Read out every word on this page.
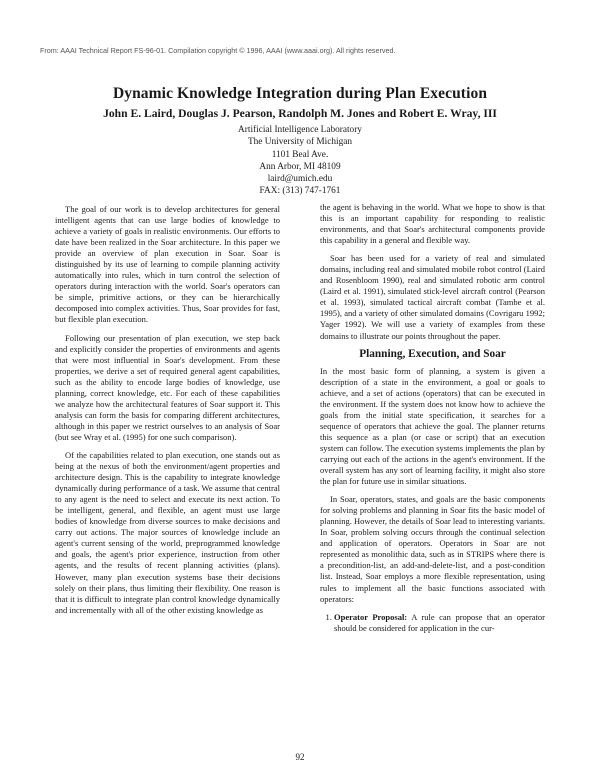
From: AAAI Technical Report FS-96-01. Compilation copyright © 1996, AAAI (www.aaai.org). All rights reserved.
Dynamic Knowledge Integration during Plan Execution
John E. Laird, Douglas J. Pearson, Randolph M. Jones and Robert E. Wray, III
Artificial Intelligence Laboratory
The University of Michigan
1101 Beal Ave.
Ann Arbor, MI 48109
laird@umich.edu
FAX: (313) 747-1761

The goal of our work is to develop architectures for general intelligent agents that can use large bodies of knowledge to achieve a variety of goals in realistic environments. Our efforts to date have been realized in the Soar architecture. In this paper we provide an overview of plan execution in Soar. Soar is distinguished by its use of learning to compile planning activity automatically into rules, which in turn control the selection of operators during interaction with the world. Soar's operators can be simple, primitive actions, or they can be hierarchically decomposed into complex activities. Thus, Soar provides for fast, but flexible plan execution.

Following our presentation of plan execution, we step back and explicitly consider the properties of environments and agents that were most influential in Soar's development. From these properties, we derive a set of required general agent capabilities, such as the ability to encode large bodies of knowledge, use planning, correct knowledge, etc. For each of these capabilities we analyze how the architectural features of Soar support it. This analysis can form the basis for comparing different architectures, although in this paper we restrict ourselves to an analysis of Soar (but see Wray et al. (1995) for one such comparison).

Of the capabilities related to plan execution, one stands out as being at the nexus of both the environment/agent properties and architecture design. This is the capability to integrate knowledge dynamically during performance of a task. We assume that central to any agent is the need to select and execute its next action. To be intelligent, general, and flexible, an agent must use large bodies of knowledge from diverse sources to make decisions and carry out actions. The major sources of knowledge include an agent's current sensing of the world, preprogrammed knowledge and goals, the agent's prior experience, instruction from other agents, and the results of recent planning activities (plans). However, many plan execution systems base their decisions solely on their plans, thus limiting their flexibility. One reason is that it is difficult to integrate plan control knowledge dynamically and incrementally with all of the other existing knowledge as

the agent is behaving in the world. What we hope to show is that this is an important capability for responding to realistic environments, and that Soar's architectural components provide this capability in a general and flexible way.

Soar has been used for a variety of real and simulated domains, including real and simulated mobile robot control (Laird and Rosenbloom 1990), real and simulated robotic arm control (Laird et al. 1991), simulated stick-level aircraft control (Pearson et al. 1993), simulated tactical aircraft combat (Tambe et al. 1995), and a variety of other simulated domains (Covrigaru 1992; Yager 1992). We will use a variety of examples from these domains to illustrate our points throughout the paper.

Planning, Execution, and Soar

In the most basic form of planning, a system is given a description of a state in the environment, a goal or goals to achieve, and a set of actions (operators) that can be executed in the environment. If the system does not know how to achieve the goals from the initial state specification, it searches for a sequence of operators that achieve the goal. The planner returns this sequence as a plan (or case or script) that an execution system can follow. The execution systems implements the plan by carrying out each of the actions in the agent's environment. If the overall system has any sort of learning facility, it might also store the plan for future use in similar situations.

In Soar, operators, states, and goals are the basic components for solving problems and planning in Soar fits the basic model of planning. However, the details of Soar lead to interesting variants. In Soar, problem solving occurs through the continual selection and application of operators. Operators in Soar are not represented as monolithic data, such as in STRIPS where there is a precondition-list, an add-and-delete-list, and a post-condition list. Instead, Soar employs a more flexible representation, using rules to implement all the basic functions associated with operators:

1. Operator Proposal: A rule can propose that an operator should be considered for application in the cur-
92
